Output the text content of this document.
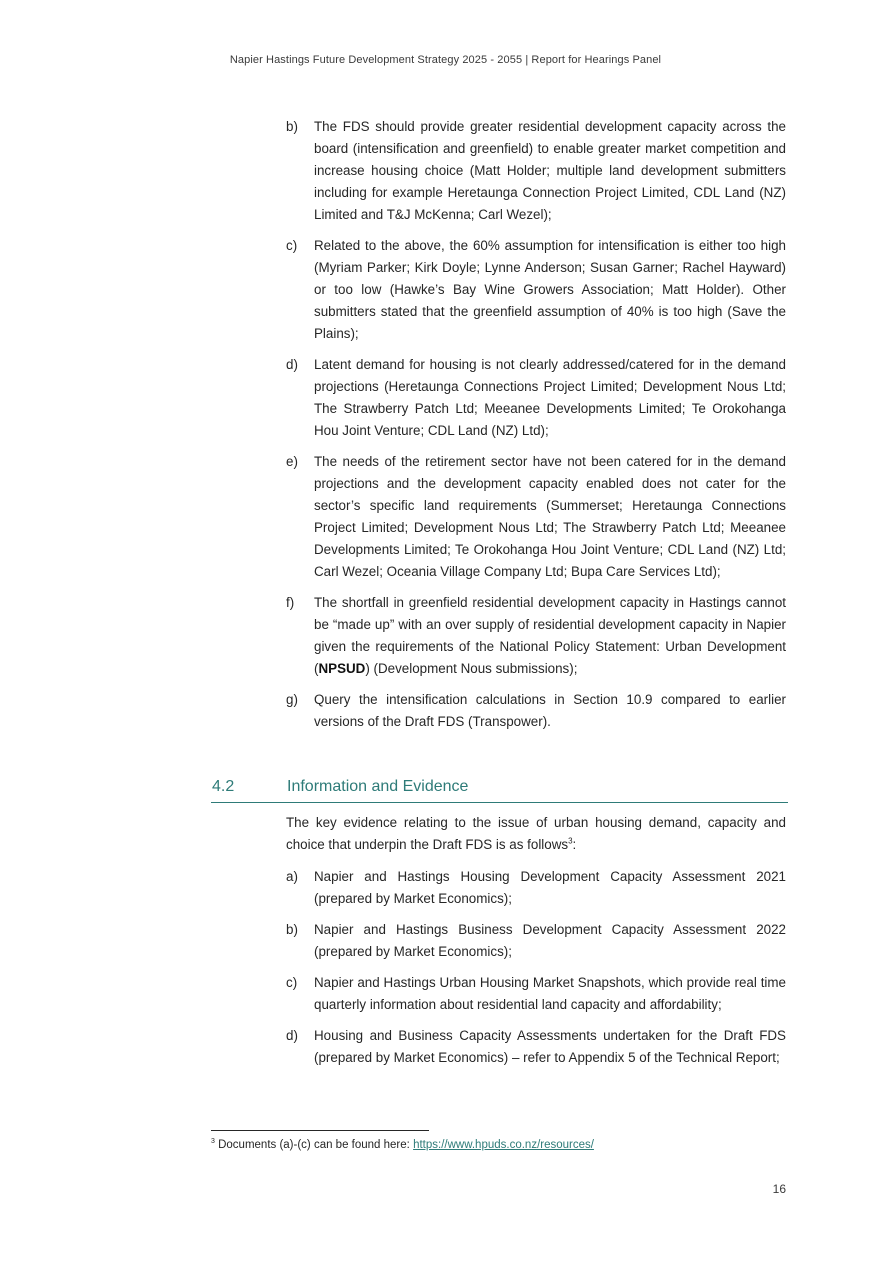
Napier Hastings Future Development Strategy 2025 - 2055 | Report for Hearings Panel
b) The FDS should provide greater residential development capacity across the board (intensification and greenfield) to enable greater market competition and increase housing choice (Matt Holder; multiple land development submitters including for example Heretaunga Connection Project Limited, CDL Land (NZ) Limited and T&J McKenna; Carl Wezel);
c) Related to the above, the 60% assumption for intensification is either too high (Myriam Parker; Kirk Doyle; Lynne Anderson; Susan Garner; Rachel Hayward) or too low (Hawke’s Bay Wine Growers Association; Matt Holder). Other submitters stated that the greenfield assumption of 40% is too high (Save the Plains);
d) Latent demand for housing is not clearly addressed/catered for in the demand projections (Heretaunga Connections Project Limited; Development Nous Ltd; The Strawberry Patch Ltd; Meeanee Developments Limited; Te Orokohanga Hou Joint Venture; CDL Land (NZ) Ltd);
e) The needs of the retirement sector have not been catered for in the demand projections and the development capacity enabled does not cater for the sector’s specific land requirements (Summerset; Heretaunga Connections Project Limited; Development Nous Ltd; The Strawberry Patch Ltd; Meeanee Developments Limited; Te Orokohanga Hou Joint Venture; CDL Land (NZ) Ltd; Carl Wezel; Oceania Village Company Ltd; Bupa Care Services Ltd);
f) The shortfall in greenfield residential development capacity in Hastings cannot be “made up” with an over supply of residential development capacity in Napier given the requirements of the National Policy Statement: Urban Development (NPSUD) (Development Nous submissions);
g) Query the intensification calculations in Section 10.9 compared to earlier versions of the Draft FDS (Transpower).
4.2	Information and Evidence
The key evidence relating to the issue of urban housing demand, capacity and choice that underpin the Draft FDS is as follows$^3$:
a) Napier and Hastings Housing Development Capacity Assessment 2021 (prepared by Market Economics);
b) Napier and Hastings Business Development Capacity Assessment 2022 (prepared by Market Economics);
c) Napier and Hastings Urban Housing Market Snapshots, which provide real time quarterly information about residential land capacity and affordability;
d) Housing and Business Capacity Assessments undertaken for the Draft FDS (prepared by Market Economics) – refer to Appendix 5 of the Technical Report;
$^3$ Documents (a)-(c) can be found here: https://www.hpuds.co.nz/resources/
16
